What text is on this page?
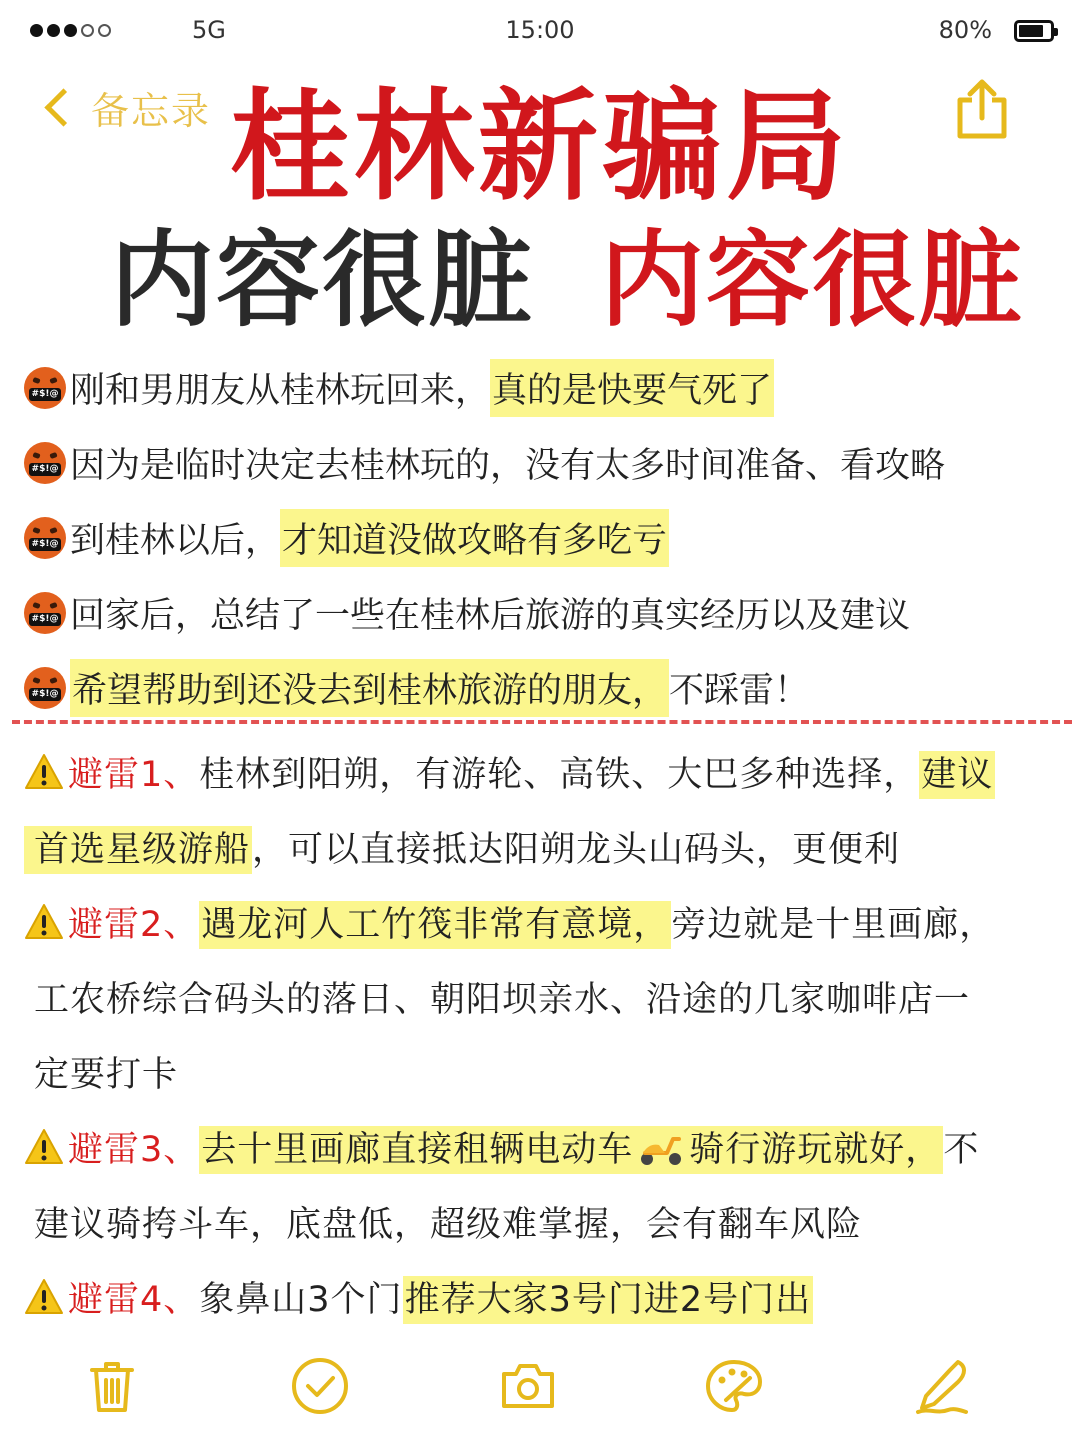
5G	15:00	80%
备忘录 桂林新骗局
内容很脏 内容很脏
#$!@ 刚和男朋友从桂林玩回来， 真的是快要气死了
#$!@ 因为是临时决定去桂林玩的，没有太多时间准备、看攻略
#$!@ 到桂林以后， 才知道没做攻略有多吃亏
#$!@ 回家后，总结了一些在桂林后旅游的真实经历以及建议
#$!@ 希望帮助到还没去到桂林旅游的朋友， 不踩雷！
避雷1、桂林到阳朔，有游轮、高铁、大巴多种选择，建议
首选星级游船，可以直接抵达阳朔龙头山码头，更便利
避雷2、遇龙河人工竹筏非常有意境，旁边就是十里画廊，
工农桥综合码头的落日、朝阳坝亲水、沿途的几家咖啡店一
定要打卡
避雷3、去十里画廊直接租辆电动车 骑行游玩就好，不
建议骑挎斗车，底盘低，超级难掌握，会有翻车风险
避雷4、象鼻山3个门推荐大家3号门进2号门出
